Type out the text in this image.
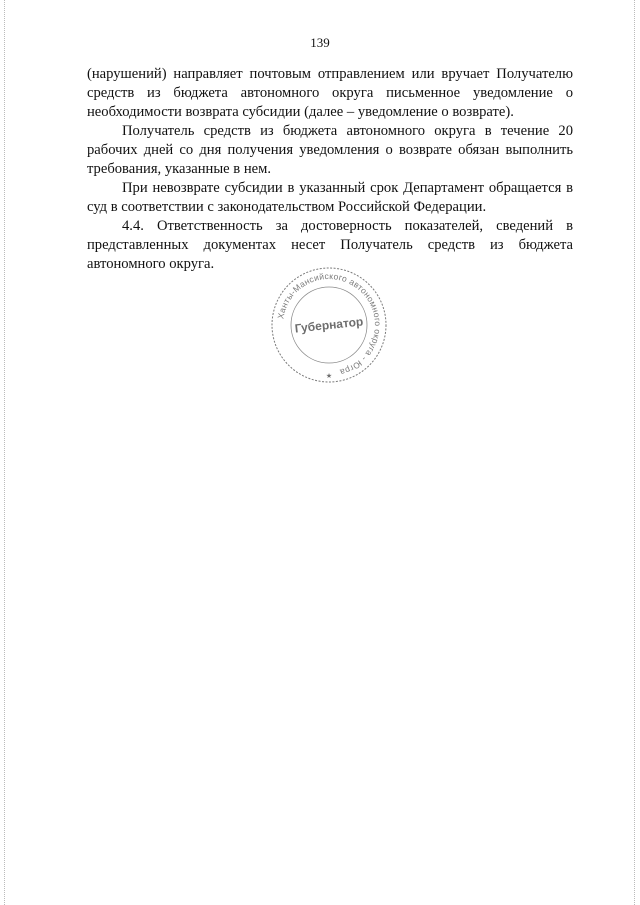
139

(нарушений) направляет почтовым отправлением или вручает Получателю средств из бюджета автономного округа письменное уведомление о необходимости возврата субсидии (далее – уведомление о возврате).

Получатель средств из бюджета автономного округа в течение 20 рабочих дней со дня получения уведомления о возврате обязан выполнить требования, указанные в нем.

При невозврате субсидии в указанный срок Департамент обращается в суд в соответствии с законодательством Российской Федерации.

4.4. Ответственность за достоверность показателей, сведений в представленных документах несет Получатель средств из бюджета автономного округа.

Ханты-Мансийского автономного округа - Югра
Губернатор
★
